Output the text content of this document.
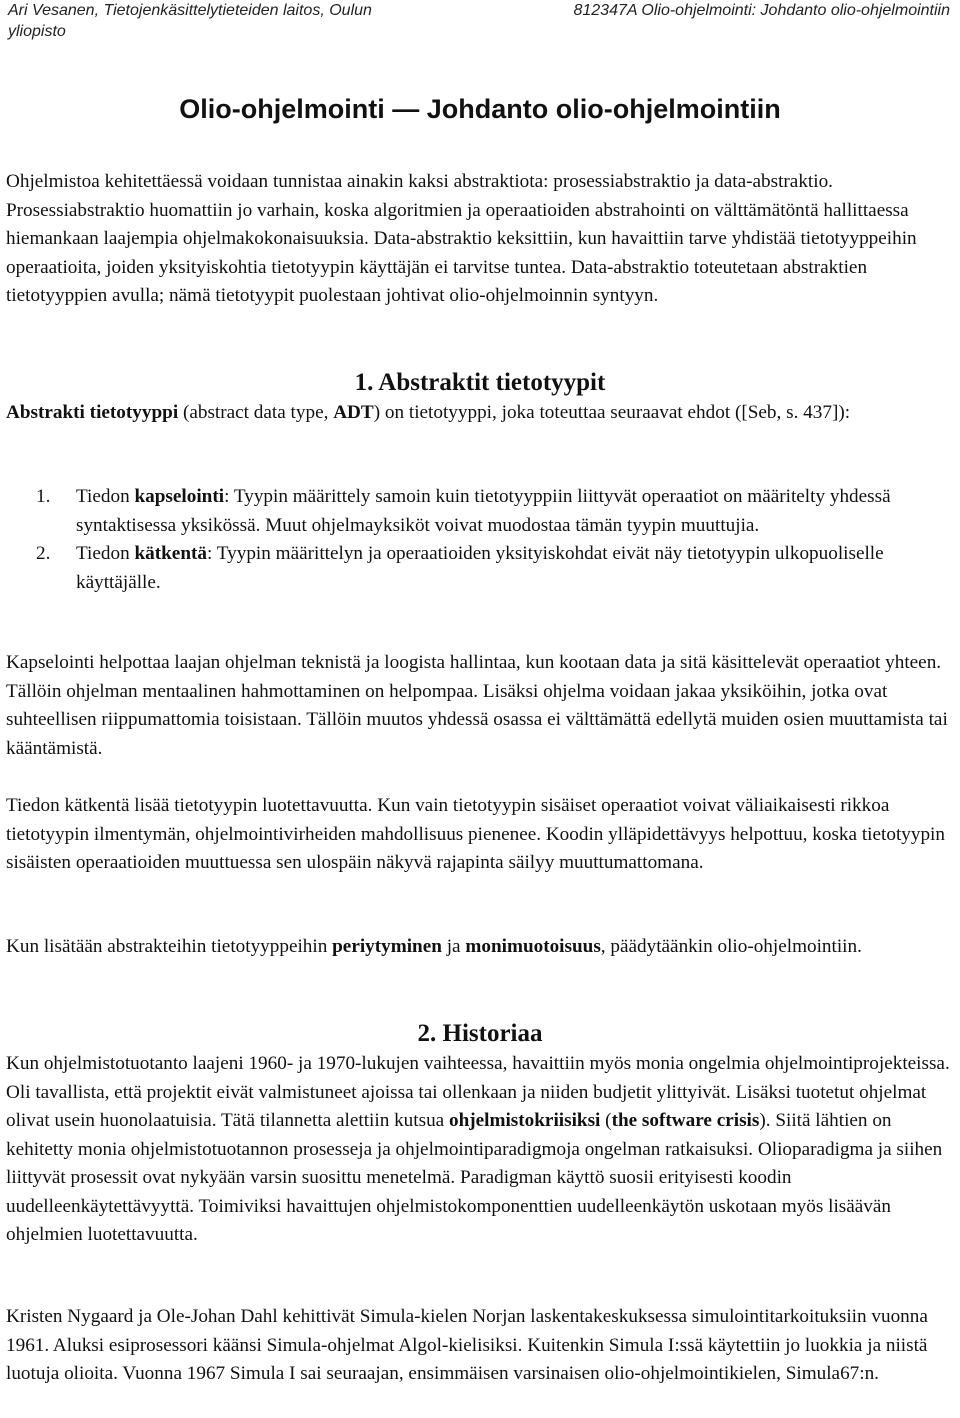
Ari Vesanen, Tietojenkäsittelytieteiden laitos, Oulun yliopisto
812347A Olio-ohjelmointi: Johdanto olio-ohjelmointiin
Olio-ohjelmointi — Johdanto olio-ohjelmointiin

Ohjelmistoa kehitettäessä voidaan tunnistaa ainakin kaksi abstraktiota: prosessiabstraktio ja data-abstraktio. Prosessiabstraktio huomattiin jo varhain, koska algoritmien ja operaatioiden abstrahointi on välttämätöntä hallittaessa hiemankaan laajempia ohjelmakokonaisuuksia. Data-abstraktio keksittiin, kun havaittiin tarve yhdistää tietotyyppeihin operaatioita, joiden yksityiskohtia tietotyypin käyttäjän ei tarvitse tuntea. Data-abstraktio toteutetaan abstraktien tietotyyppien avulla; nämä tietotyypit puolestaan johtivat olio-ohjelmoinnin syntyyn.

1. Abstraktit tietotyypit

Abstrakti tietotyyppi (abstract data type, ADT) on tietotyyppi, joka toteuttaa seuraavat ehdot ([Seb, s. 437]):

1. Tiedon kapselointi: Tyypin määrittely samoin kuin tietotyyppiin liittyvät operaatiot on määritelty yhdessä syntaktisessa yksikössä. Muut ohjelmayksiköt voivat muodostaa tämän tyypin muuttujia.
2. Tiedon kätkentä: Tyypin määrittelyn ja operaatioiden yksityiskohdat eivät näy tietotyypin ulkopuoliselle käyttäjälle.

Kapselointi helpottaa laajan ohjelman teknistä ja loogista hallintaa, kun kootaan data ja sitä käsittelevät operaatiot yhteen. Tällöin ohjelman mentaalinen hahmottaminen on helpompaa. Lisäksi ohjelma voidaan jakaa yksiköihin, jotka ovat suhteellisen riippumattomia toisistaan. Tällöin muutos yhdessä osassa ei välttämättä edellytä muiden osien muuttamista tai kääntämistä.

Tiedon kätkentä lisää tietotyypin luotettavuutta. Kun vain tietotyypin sisäiset operaatiot voivat väliaikaisesti rikkoa tietotyypin ilmentymän, ohjelmointivirheiden mahdollisuus pienenee. Koodin ylläpidettävyys helpottuu, koska tietotyypin sisäisten operaatioiden muuttuessa sen ulospäin näkyvä rajapinta säilyy muuttumattomana.

Kun lisätään abstrakteihin tietotyyppeihin periytyminen ja monimuotoisuus, päädytäänkin olio-ohjelmointiin.

2. Historiaa

Kun ohjelmistotuotanto laajeni 1960- ja 1970-lukujen vaihteessa, havaittiin myös monia ongelmia ohjelmointiprojekteissa. Oli tavallista, että projektit eivät valmistuneet ajoissa tai ollenkaan ja niiden budjetit ylittyivät. Lisäksi tuotetut ohjelmat olivat usein huonolaatuisia. Tätä tilannetta alettiin kutsua ohjelmistokriisiksi (the software crisis). Siitä lähtien on kehitetty monia ohjelmistotuotannon prosesseja ja ohjelmointiparadigmoja ongelman ratkaisuksi. Olioparadigma ja siihen liittyvät prosessit ovat nykyään varsin suosittu menetelmä. Paradigman käyttö suosii erityisesti koodin uudelleenkäytettävyyttä. Toimiviksi havaittujen ohjelmistokomponenttien uudelleenkäytön uskotaan myös lisäävän ohjelmien luotettavuutta.

Kristen Nygaard ja Ole-Johan Dahl kehittivät Simula-kielen Norjan laskentakeskuksessa simulointitarkoituksiin vuonna 1961. Aluksi esiprosessori käänsi Simula-ohjelmat Algol-kielisiksi. Kuitenkin Simula I:ssä käytettiin jo luokkia ja niistä luotuja olioita. Vuonna 1967 Simula I sai seuraajan, ensimmäisen varsinaisen olio-ohjelmointikielen, Simula67:n.
